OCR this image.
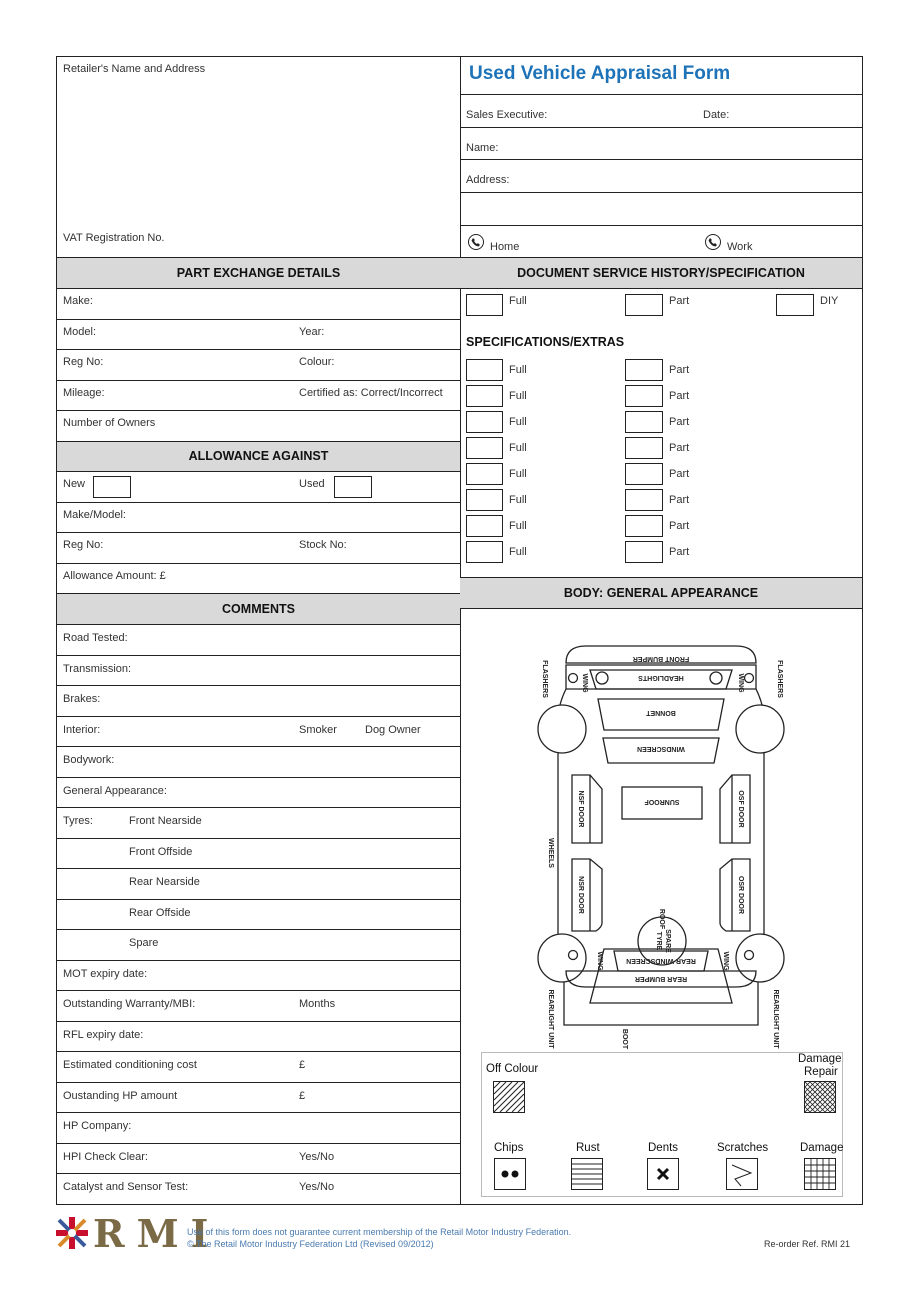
Retailer's Name and Address
VAT Registration No.
PART EXCHANGE DETAILS
Make:
Model:	Year:
Reg No:	Colour:
Mileage:	Certified as: Correct/Incorrect
Number of Owners
ALLOWANCE AGAINST
New	Used
Make/Model:
Reg No:	Stock No:
Allowance Amount: £
COMMENTS
Road Tested:
Transmission:
Brakes:
Interior:	Smoker	Dog Owner
Bodywork:
General Appearance:
Tyres:	Front Nearside
Front Offside
Rear Nearside
Rear Offside
Spare
MOT expiry date:
Outstanding Warranty/MBI:	Months
RFL expiry date:
Estimated conditioning cost	£
Oustanding HP amount	£
HP Company:
HPI Check Clear:	Yes/No
Catalyst and Sensor Test:	Yes/No
Used Vehicle Appraisal Form
Sales Executive:	Date:
Name:
Address:
Home	Work
DOCUMENT SERVICE HISTORY/SPECIFICATION
Full	Part	DIY
SPECIFICATIONS/EXTRAS
Full	Part
Full	Part
Full	Part
Full	Part
Full	Part
Full	Part
Full	Part
Full	Part
BODY: GENERAL APPEARANCE
FRONT BUMPER
HEADLIGHTS
FLASHERS	FLASHERS
WING	WING
BONNET
WINDSCREEN
SUNROOF
NSF DOOR	OSF DOOR
NSR DOOR	OSR DOOR
WHEELS
ROOF
REAR WINDSCREEN
WING	WING
BOOT
SPARE
TYRE
REARLIGHT UNIT	REARLIGHT UNIT
REAR BUMPER
Off Colour
Damage
Repair
Chips	Rust	Dents	Scratches	Damage
RMI
Use of this form does not guarantee current membership of the Retail Motor Industry Federation.
© The Retail Motor Industry Federation Ltd (Revised 09/2012)	Re-order Ref. RMI 21
